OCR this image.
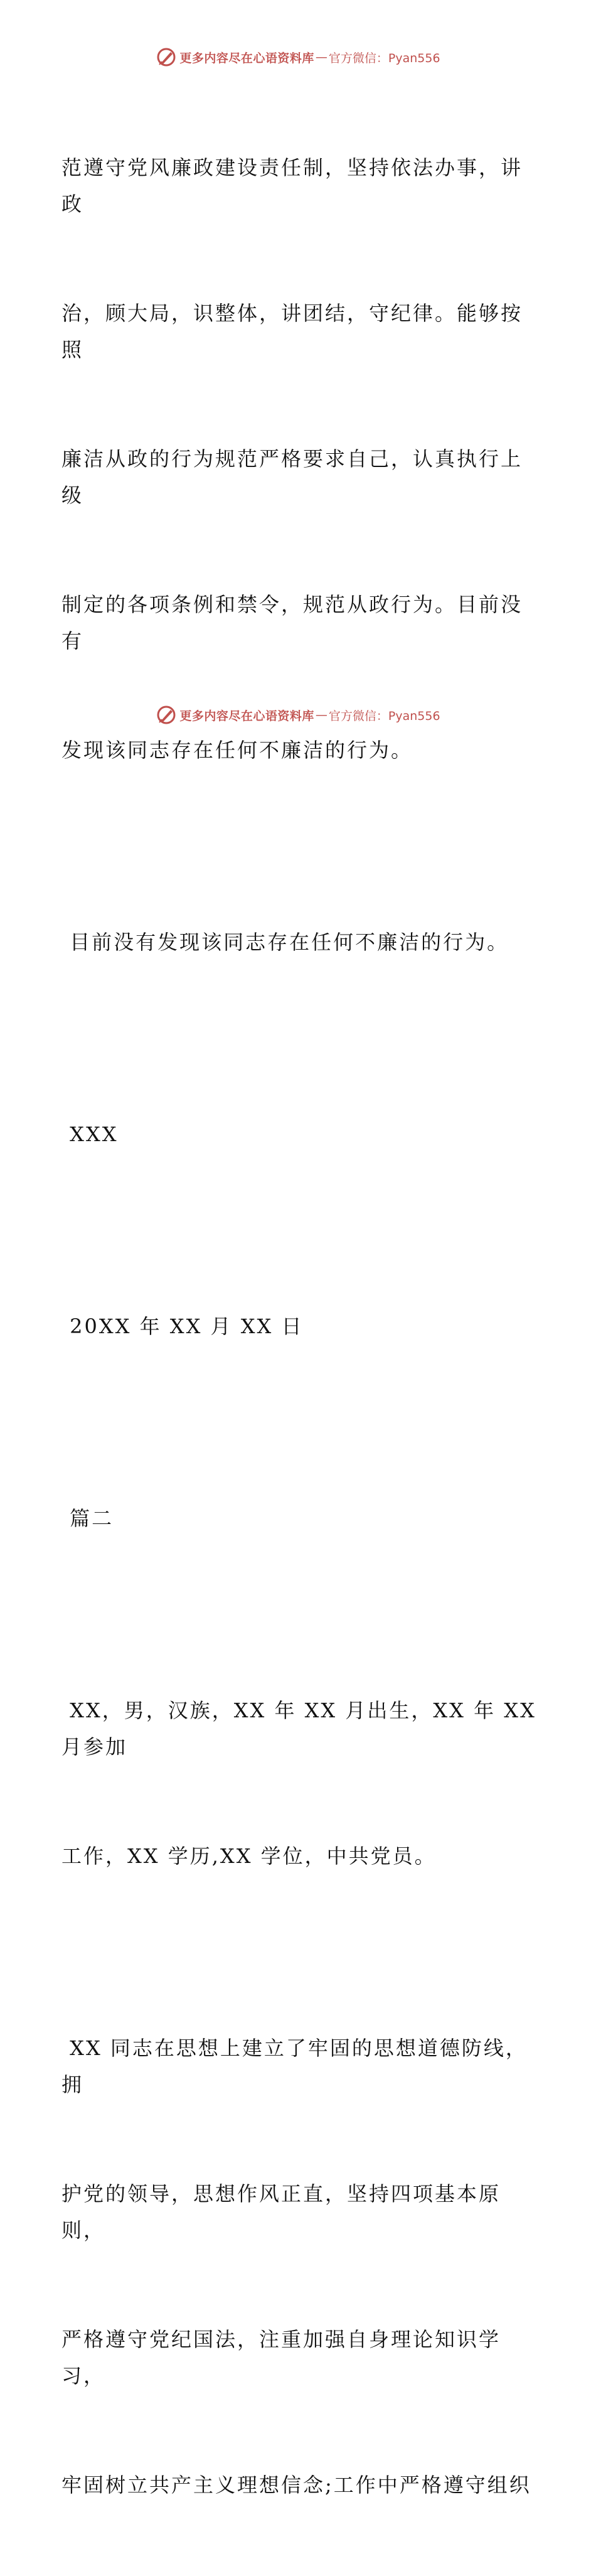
更多内容尽在心语资料库 — 官方微信：Pyan556

范遵守党风廉政建设责任制，坚持依法办事，讲政

治，顾大局，识整体，讲团结，守纪律。能够按照

廉洁从政的行为规范严格要求自己，认真执行上级

制定的各项条例和禁令，规范从政行为。目前没有

发现该同志存在任何不廉洁的行为。

目前没有发现该同志存在任何不廉洁的行为。

XXX

20XX 年 XX 月 XX 日

篇二

XX，男，汉族，XX 年 XX 月出生，XX 年 XX 月参加

工作，XX 学历,XX 学位，中共党员。

XX 同志在思想上建立了牢固的思想道德防线，拥

护党的领导，思想作风正直，坚持四项基本原则，

严格遵守党纪国法，注重加强自身理论知识学习，

牢固树立共产主义理想信念;工作中严格遵守组织

更多内容尽在心语资料库 — 官方微信：Pyan556
